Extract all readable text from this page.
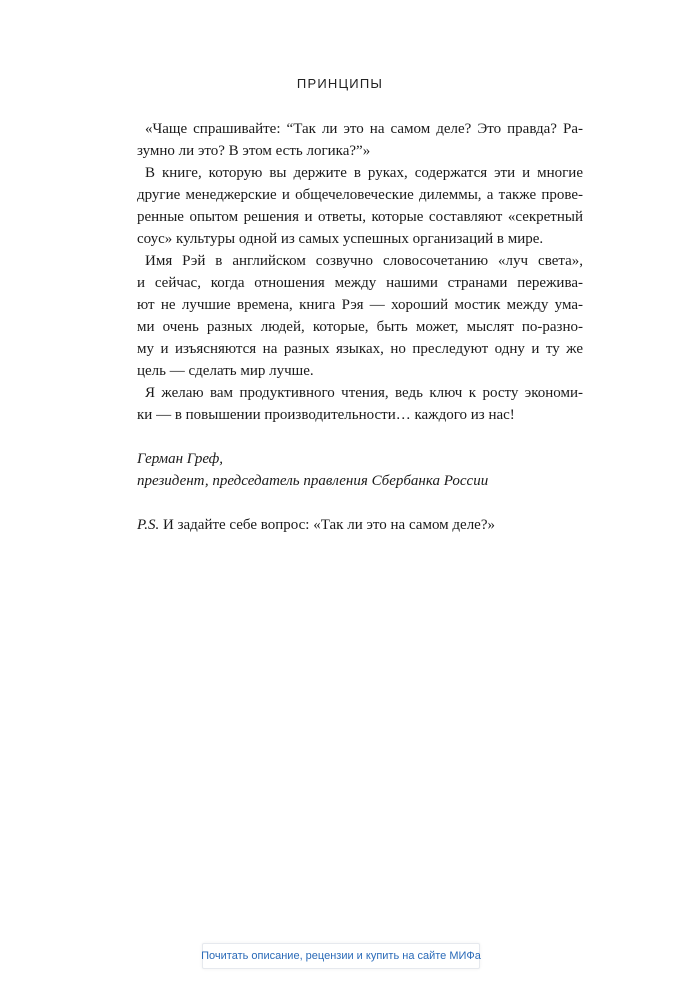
ПРИНЦИПЫ

«Чаще спрашивайте: “Так ли это на самом деле? Это правда? Ра-
зумно ли это? В этом есть логика?”»

В книге, которую вы держите в руках, содержатся эти и многие
другие менеджерские и общечеловеческие дилеммы, а также прове-
ренные опытом решения и ответы, которые составляют «секретный
соус» культуры одной из самых успешных организаций в мире.

Имя Рэй в английском созвучно словосочетанию «луч света»,
и сейчас, когда отношения между нашими странами пережива-
ют не лучшие времена, книга Рэя — хороший мостик между ума-
ми очень разных людей, которые, быть может, мыслят по-разно-
му и изъясняются на разных языках, но преследуют одну и ту же
цель — сделать мир лучше.

Я желаю вам продуктивного чтения, ведь ключ к росту экономи-
ки — в повышении производительности… каждого из нас!

Герман Греф,
президент, председатель правления Сбербанка России
P.S. И задайте себе вопрос: «Так ли это на самом деле?»
Почитать описание, рецензии и купить на сайте МИФа
